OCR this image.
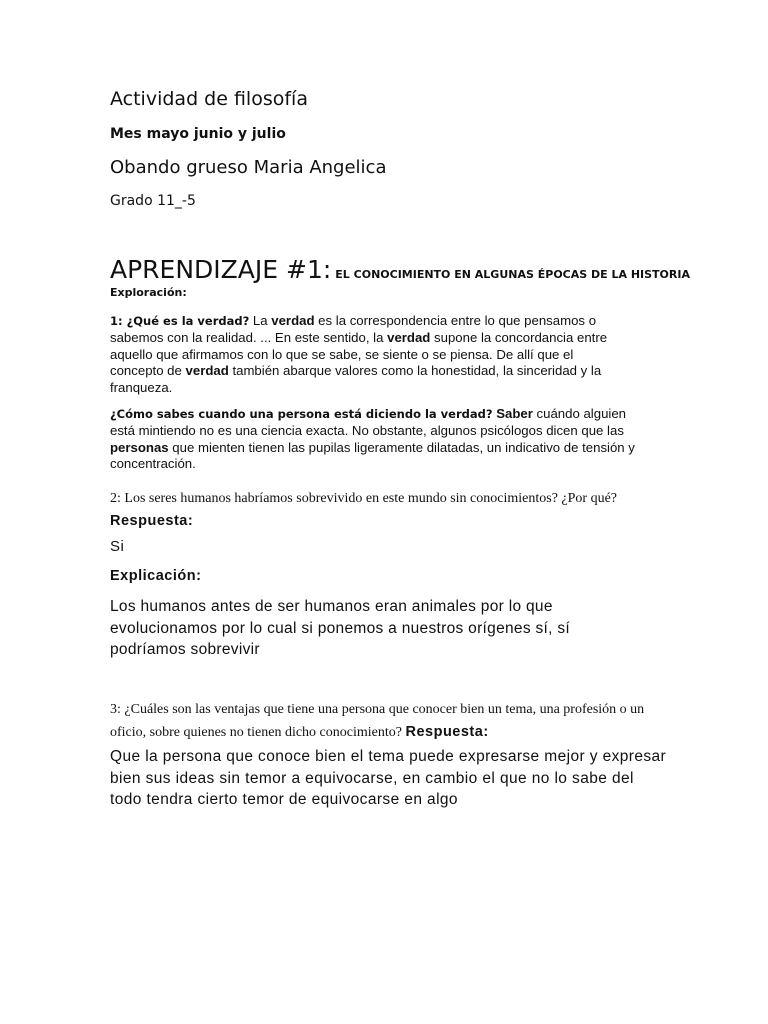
Actividad de filosofía

Mes mayo junio y julio

Obando grueso Maria Angelica

Grado 11_-5

APRENDIZAJE #1: EL CONOCIMIENTO EN ALGUNAS ÉPOCAS DE LA HISTORIA

Exploración:

1: ¿Qué es la verdad? La verdad es la correspondencia entre lo que pensamos o sabemos con la realidad. ... En este sentido, la verdad supone la concordancia entre aquello que afirmamos con lo que se sabe, se siente o se piensa. De allí que el concepto de verdad también abarque valores como la honestidad, la sinceridad y la franqueza.

¿Cómo sabes cuando una persona está diciendo la verdad? Saber cuándo alguien está mintiendo no es una ciencia exacta. No obstante, algunos psicólogos dicen que las personas que mienten tienen las pupilas ligeramente dilatadas, un indicativo de tensión y concentración.

2: Los seres humanos habríamos sobrevivido en este mundo sin conocimientos? ¿Por qué? Respuesta:

Si

Explicación:

Los humanos antes de ser humanos eran animales por lo que evolucionamos por lo cual si ponemos a nuestros orígenes sí, sí podríamos sobrevivir

3: ¿Cuáles son las ventajas que tiene una persona que conocer bien un tema, una profesión o un oficio, sobre quienes no tienen dicho conocimiento? Respuesta:

Que la persona que conoce bien el tema puede expresarse mejor y expresar bien sus ideas sin temor a equivocarse, en cambio el que no lo sabe del todo tendra cierto temor de equivocarse en algo
